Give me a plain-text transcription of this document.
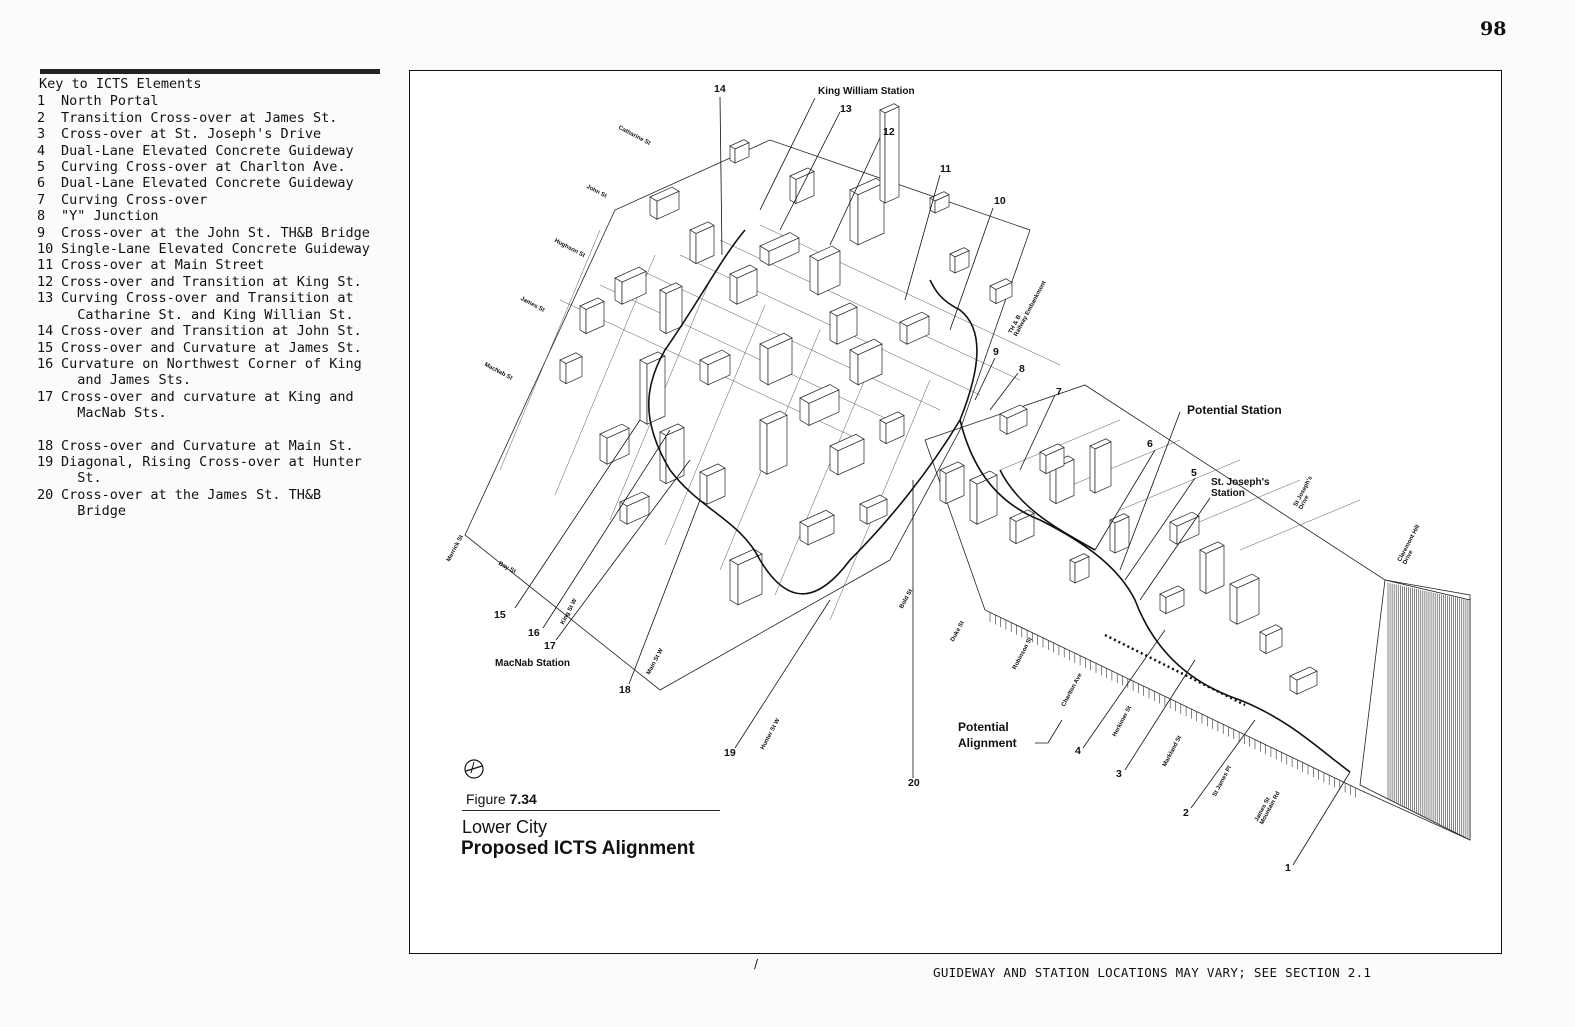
98
Key to ICTS Elements
1	North Portal
2	Transition Cross-over at James St.
3	Cross-over at St. Joseph's Drive
4	Dual-Lane Elevated Concrete Guideway
5	Curving Cross-over at Charlton Ave.
6	Dual-Lane Elevated Concrete Guideway
7	Curving Cross-over
8	"Y" Junction
9	Cross-over at the John St. TH&B Bridge
10 Single-Lane Elevated Concrete Guideway
11 Cross-over at Main Street
12 Cross-over and Transition at King St.
13 Curving Cross-over and Transition at
Catharine St. and King Willian St.
14 Cross-over and Transition at John St.
15 Cross-over and Curvature at James St.
16 Curvature on Northwest Corner of King
and James Sts.
17 Cross-over and curvature at King and
MacNab Sts.
18 Cross-over and Curvature at Main St.
19 Diagonal, Rising Cross-over at Hunter
St.
20 Cross-over at the James St. TH&B
Bridge
14
13
12
11
10
9
8
7
6
5
4
3
2
1
15
16
17
18
19
20
King William Station
Potential Station
St. Joseph's
Station
MacNab Station
Potential
Alignment
Catharine St
John St
Hughson St
James St
MacNab St
Merrick St
Bay St
King St W
Main St W
Hunter St W
Bold St
Duke St
Robinson St
Charlton Ave
Herkimer St
Markland St
St James Pl
James St
Mountain Rd
St Joseph's
Drive
Claremont Hill
Drive
TH & B
Railway Embankment
Figure 7.34
Lower City
Proposed ICTS Alignment
/
GUIDEWAY AND STATION LOCATIONS MAY VARY; SEE SECTION 2.1
